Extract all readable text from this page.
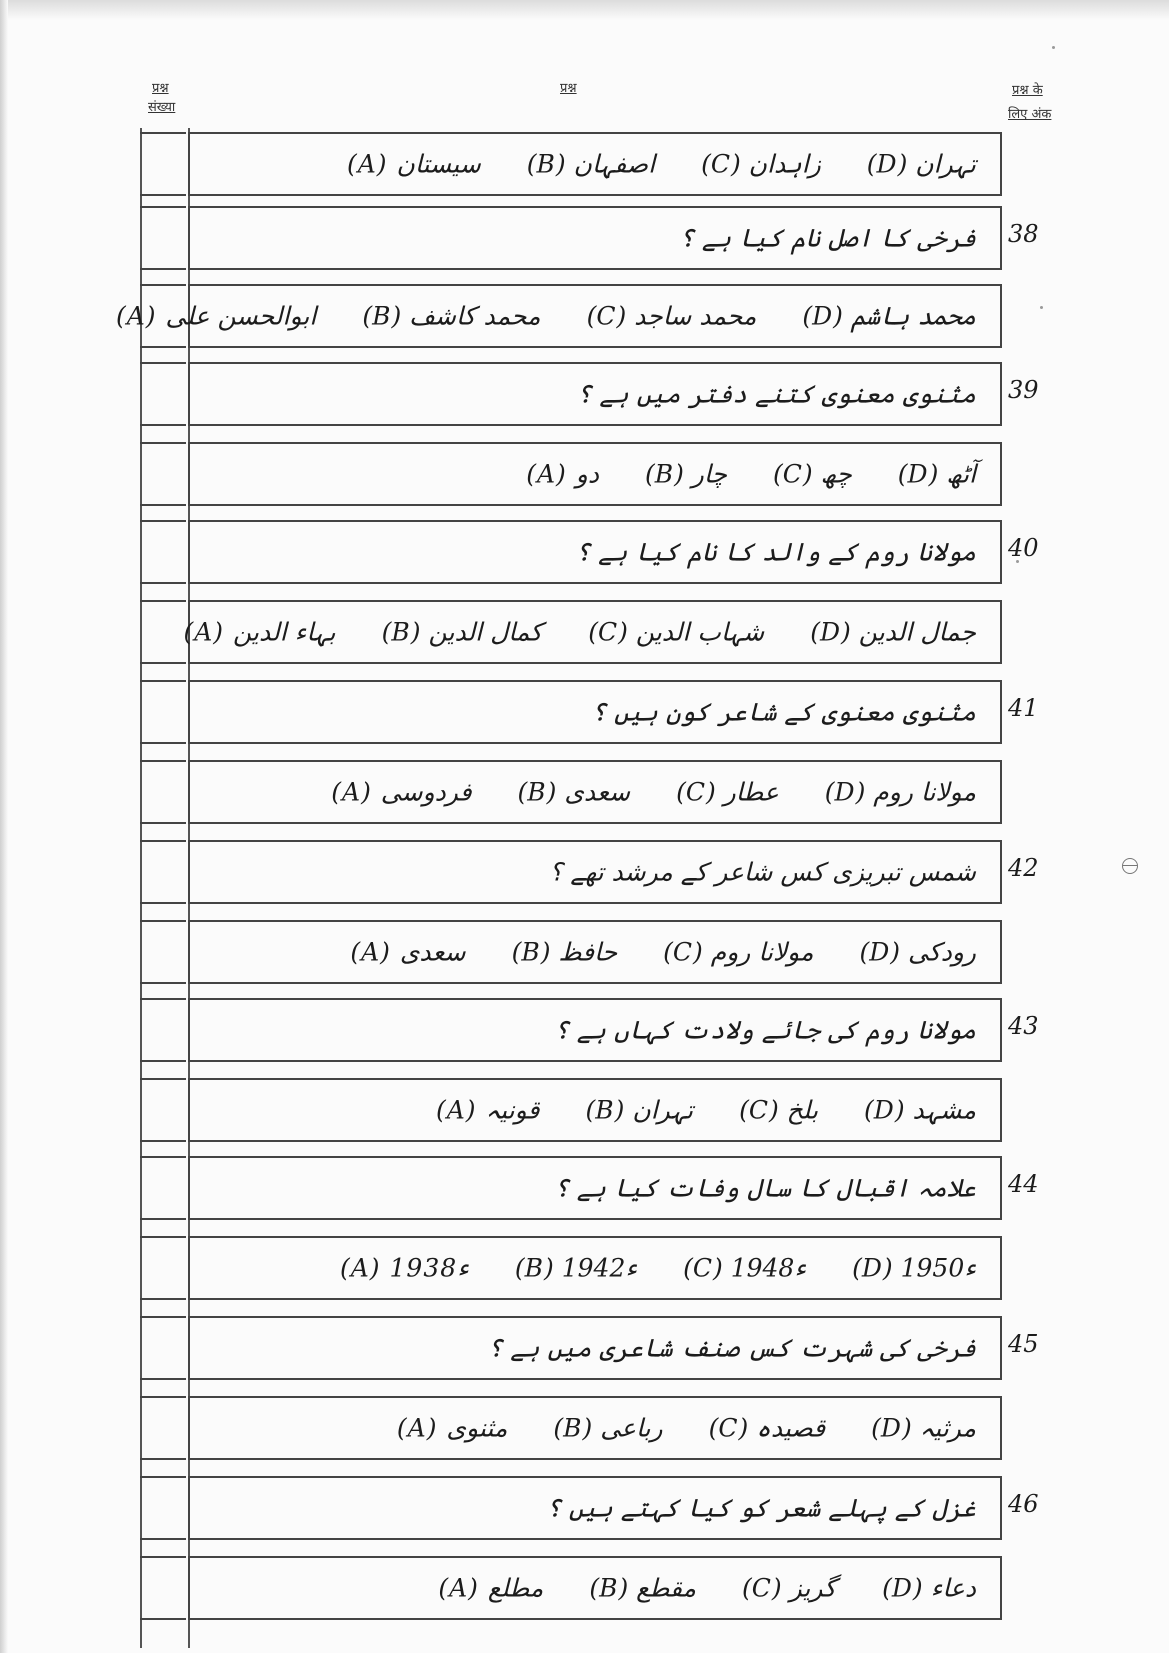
प्रश्न
संख्या
प्रश्न	प्रश्न के
लिए अंक
(A) سیستان (B) اصفہان (C) زاہدان (D) تہران
فرخی کا اصل نام کیا ہے ؟
(A) ابوالحسن علی (B) محمد کاشف (C) محمد ساجد (D) محمد ہاشم
مثنوی معنوی کتنے دفتر میں ہے ؟
(A) دو (B) چار (C) چھ (D) آٹھ
مولانا روم کے والد کا نام کیا ہے ؟
(A) بہاء الدین (B) کمال الدین (C) شہاب الدین (D) جمال الدین
مثنوی معنوی کے شاعر کون ہیں ؟
(A) فردوسی (B) سعدی (C) عطار (D) مولانا روم
شمس تبریزی کس شاعر کے مرشد تھے ؟
(A) سعدی (B) حافظ (C) مولانا روم (D) رودکی
مولانا روم کی جائے ولادت کہاں ہے ؟
(A) قونیہ (B) تہران (C) بلخ (D) مشہد
علامہ اقبال کا سال وفات کیا ہے ؟
(A) 1938ء (B) 1942ء (C) 1948ء (D) 1950ء
فرخی کی شہرت کس صنف شاعری میں ہے ؟
(A) مثنوی (B) رباعی (C) قصیدہ (D) مرثیہ
غزل کے پہلے شعر کو کیا کہتے ہیں ؟
(A) مطلع (B) مقطع (C) گریز (D) دعاء
38
39
40
41
42
43
44
45
46
